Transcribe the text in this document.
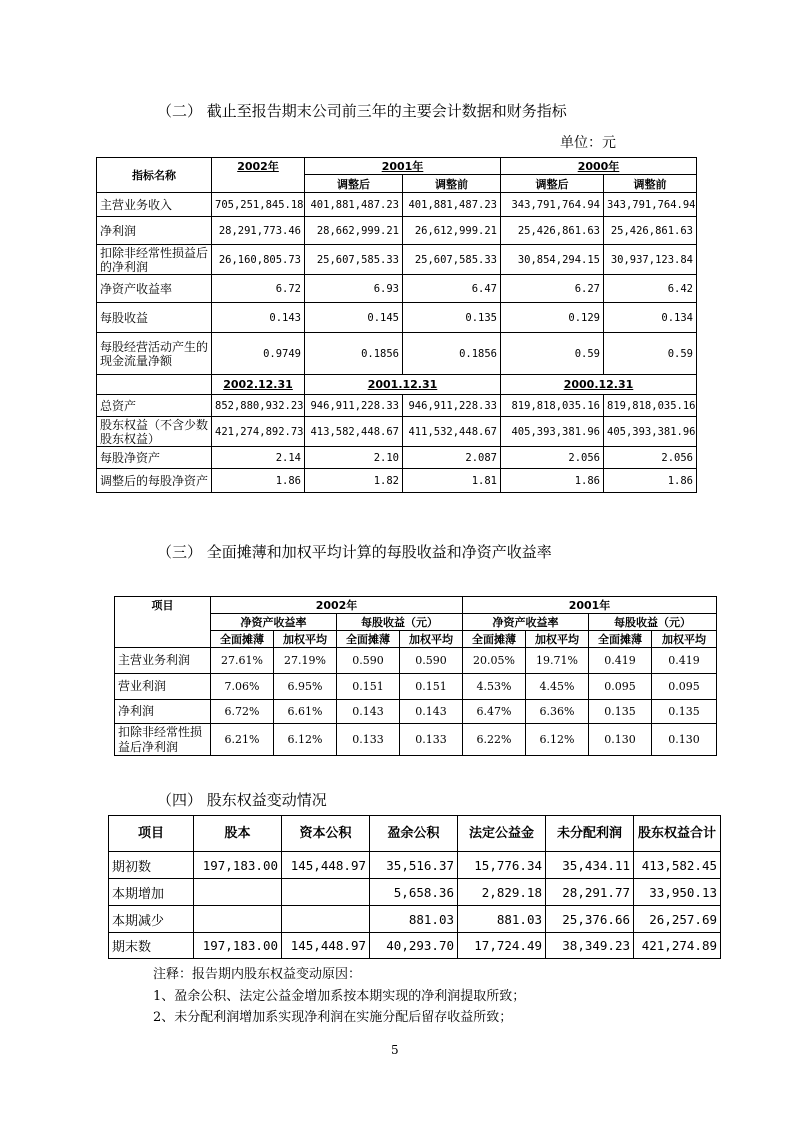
（二） 截止至报告期末公司前三年的主要会计数据和财务指标
单位：元
指标名称	2002年	2001年		2000年	
		调整后	调整前	调整后	调整前
主营业务收入	705,251,845.18	401,881,487.23	401,881,487.23	343,791,764.94	343,791,764.94
净利润	28,291,773.46	28,662,999.21	26,612,999.21	25,426,861.63	25,426,861.63
扣除非经常性损益后的净利润	26,160,805.73	25,607,585.33	25,607,585.33	30,854,294.15	30,937,123.84
净资产收益率	6.72	6.93	6.47	6.27	6.42
每股收益	0.143	0.145	0.135	0.129	0.134
每股经营活动产生的现金流量净额	0.9749	0.1856	0.1856	0.59	0.59
	2002.12.31	2001.12.31		2000.12.31	
总资产	852,880,932.23	946,911,228.33	946,911,228.33	819,818,035.16	819,818,035.16
股东权益（不含少数股东权益）	421,274,892.73	413,582,448.67	411,532,448.67	405,393,381.96	405,393,381.96
每股净资产	2.14	2.10	2.087	2.056	2.056
调整后的每股净资产	1.86	1.82	1.81	1.86	1.86
（三） 全面摊薄和加权平均计算的每股收益和净资产收益率
项目	2002年				2001年			
	净资产收益率		每股收益（元）		净资产收益率		每股收益（元）	
	全面摊薄	加权平均	全面摊薄	加权平均	全面摊薄	加权平均	全面摊薄	加权平均
主营业务利润	27.61%	27.19%	0.590	0.590	20.05%	19.71%	0.419	0.419
营业利润	7.06%	6.95%	0.151	0.151	4.53%	4.45%	0.095	0.095
净利润	6.72%	6.61%	0.143	0.143	6.47%	6.36%	0.135	0.135
扣除非经常性损益后净利润	6.21%	6.12%	0.133	0.133	6.22%	6.12%	0.130	0.130
（四） 股东权益变动情况
项目	股本	资本公积	盈余公积	法定公益金	未分配利润	股东权益合计
期初数	197,183.00	145,448.97	35,516.37	15,776.34	35,434.11	413,582.45
本期增加			5,658.36	2,829.18	28,291.77	33,950.13
本期减少			881.03	881.03	25,376.66	26,257.69
期末数	197,183.00	145,448.97	40,293.70	17,724.49	38,349.23	421,274.89
注释：报告期内股东权益变动原因：
1、盈余公积、法定公益金增加系按本期实现的净利润提取所致；
2、未分配利润增加系实现净利润在实施分配后留存收益所致；
5
